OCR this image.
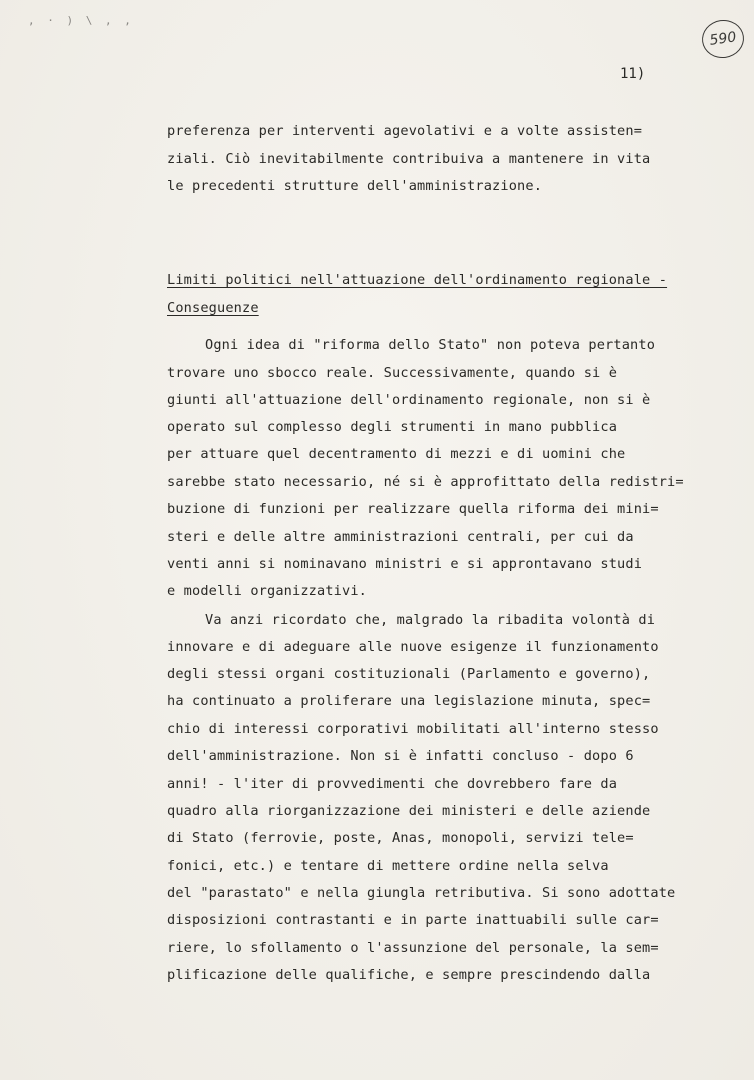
, · ) \ , ‚
590
11)
preferenza per interventi agevolativi e a volte assisten=
ziali. Ciò inevitabilmente contribuiva a mantenere in vita
le precedenti strutture dell'amministrazione.
Limiti politici nell'attuazione dell'ordinamento regionale -
Conseguenze
Ogni idea di "riforma dello Stato" non poteva pertanto
trovare uno sbocco reale. Successivamente, quando si è
giunti all'attuazione dell'ordinamento regionale, non si è
operato sul complesso degli strumenti in mano pubblica
per attuare quel decentramento di mezzi e di uomini che
sarebbe stato necessario, né si è approfittato della redistri=
buzione di funzioni per realizzare quella riforma dei mini=
steri e delle altre amministrazioni centrali, per cui da
venti anni si nominavano ministri e si approntavano studi
e modelli organizzativi.
Va anzi ricordato che, malgrado la ribadita volontà di
innovare e di adeguare alle nuove esigenze il funzionamento
degli stessi organi costituzionali (Parlamento e governo),
ha continuato a proliferare una legislazione minuta, spec=
chio di interessi corporativi mobilitati all'interno stesso
dell'amministrazione. Non si è infatti concluso - dopo 6
anni! - l'iter di provvedimenti che dovrebbero fare da
quadro alla riorganizzazione dei ministeri e delle aziende
di Stato (ferrovie, poste, Anas, monopoli, servizi tele=
fonici, etc.) e tentare di mettere ordine nella selva
del "parastato" e nella giungla retributiva. Si sono adottate
disposizioni contrastanti e in parte inattuabili sulle car=
riere, lo sfollamento o l'assunzione del personale, la sem=
plificazione delle qualifiche, e sempre prescindendo dalla
